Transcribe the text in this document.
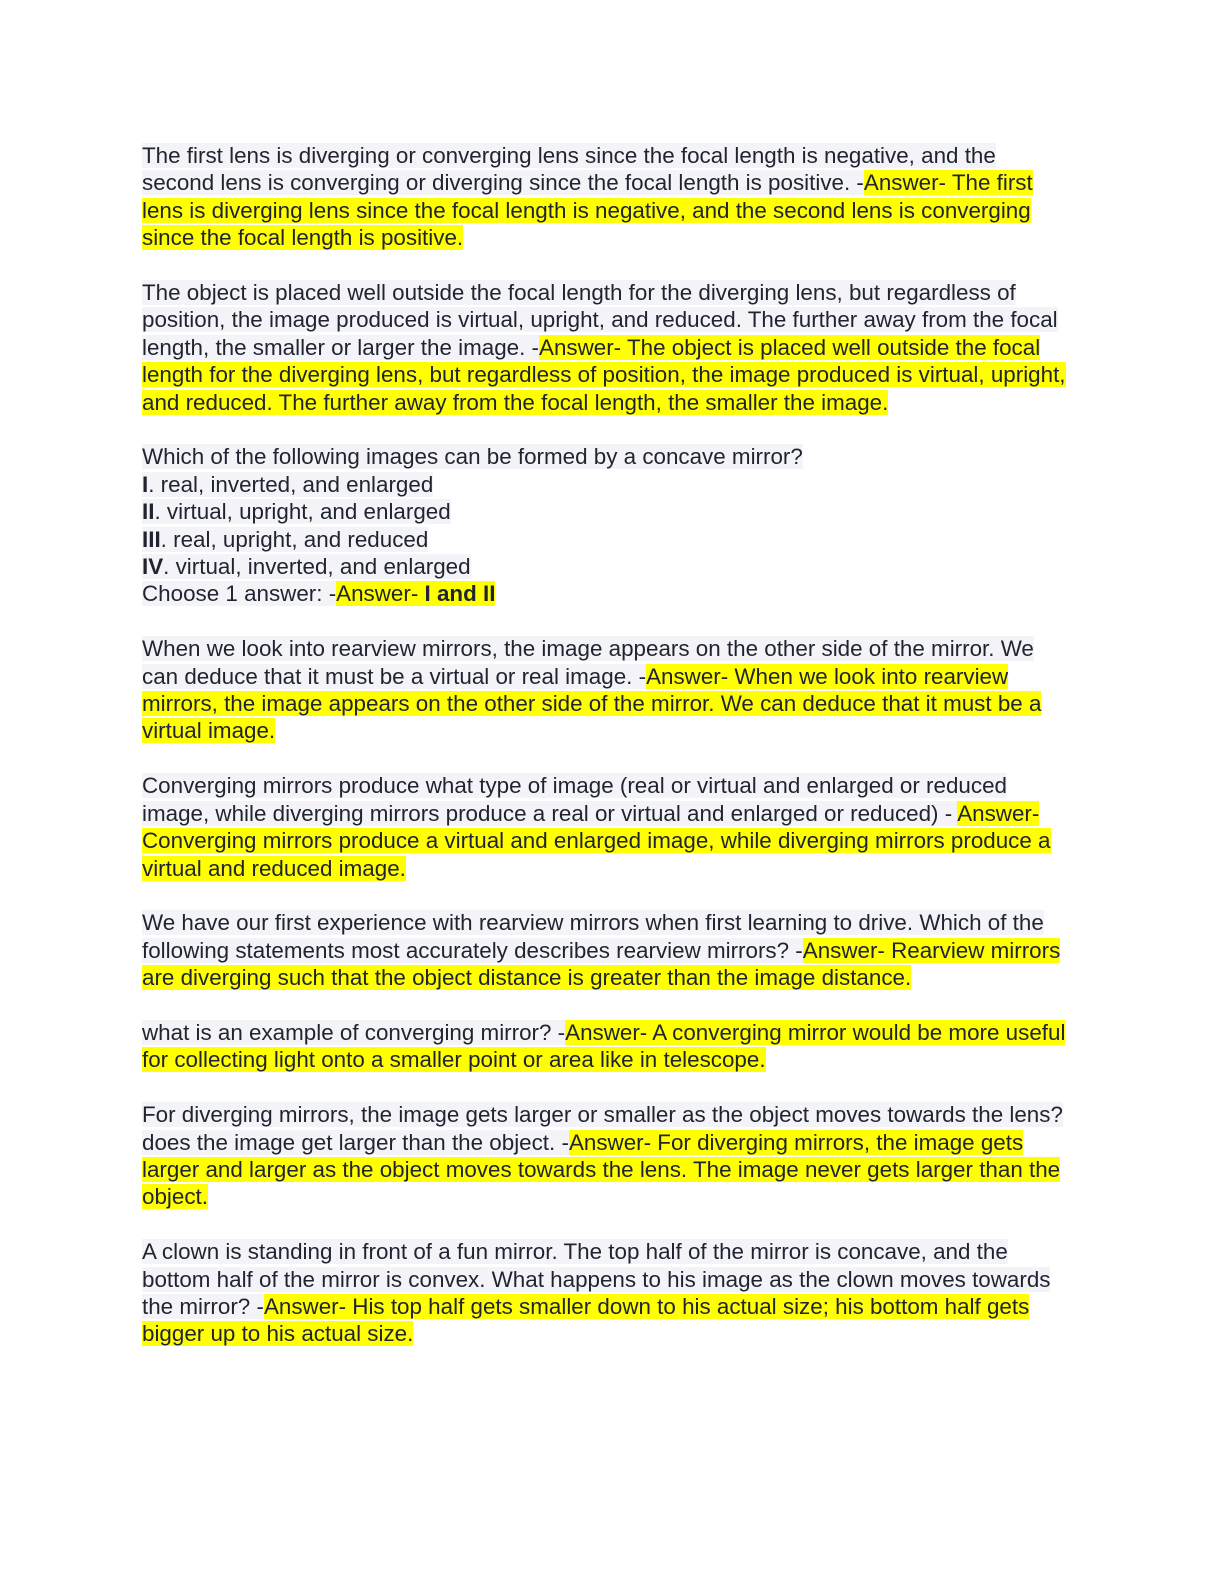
The first lens is diverging or converging lens since the focal length is negative, and the second lens is converging or diverging since the focal length is positive. -Answer- The first lens is diverging lens since the focal length is negative, and the second lens is converging since the focal length is positive.

The object is placed well outside the focal length for the diverging lens, but regardless of position, the image produced is virtual, upright, and reduced. The further away from the focal length, the smaller or larger the image. -Answer- The object is placed well outside the focal length for the diverging lens, but regardless of position, the image produced is virtual, upright, and reduced. The further away from the focal length, the smaller the image.

Which of the following images can be formed by a concave mirror?
I. real, inverted, and enlarged
II. virtual, upright, and enlarged
III. real, upright, and reduced
IV. virtual, inverted, and enlarged
Choose 1 answer: -Answer- I and II

When we look into rearview mirrors, the image appears on the other side of the mirror. We can deduce that it must be a virtual or real image. -Answer- When we look into rearview mirrors, the image appears on the other side of the mirror. We can deduce that it must be a virtual image.

Converging mirrors produce what type of image (real or virtual and enlarged or reduced image, while diverging mirrors produce a real or virtual and enlarged or reduced) - Answer- Converging mirrors produce a virtual and enlarged image, while diverging mirrors produce a virtual and reduced image.

We have our first experience with rearview mirrors when first learning to drive. Which of the following statements most accurately describes rearview mirrors? -Answer- Rearview mirrors are diverging such that the object distance is greater than the image distance.

what is an example of converging mirror? -Answer- A converging mirror would be more useful for collecting light onto a smaller point or area like in telescope.

For diverging mirrors, the image gets larger or smaller as the object moves towards the lens? does the image get larger than the object. -Answer- For diverging mirrors, the image gets larger and larger as the object moves towards the lens. The image never gets larger than the object.

A clown is standing in front of a fun mirror. The top half of the mirror is concave, and the bottom half of the mirror is convex. What happens to his image as the clown moves towards the mirror? -Answer- His top half gets smaller down to his actual size; his bottom half gets bigger up to his actual size.
